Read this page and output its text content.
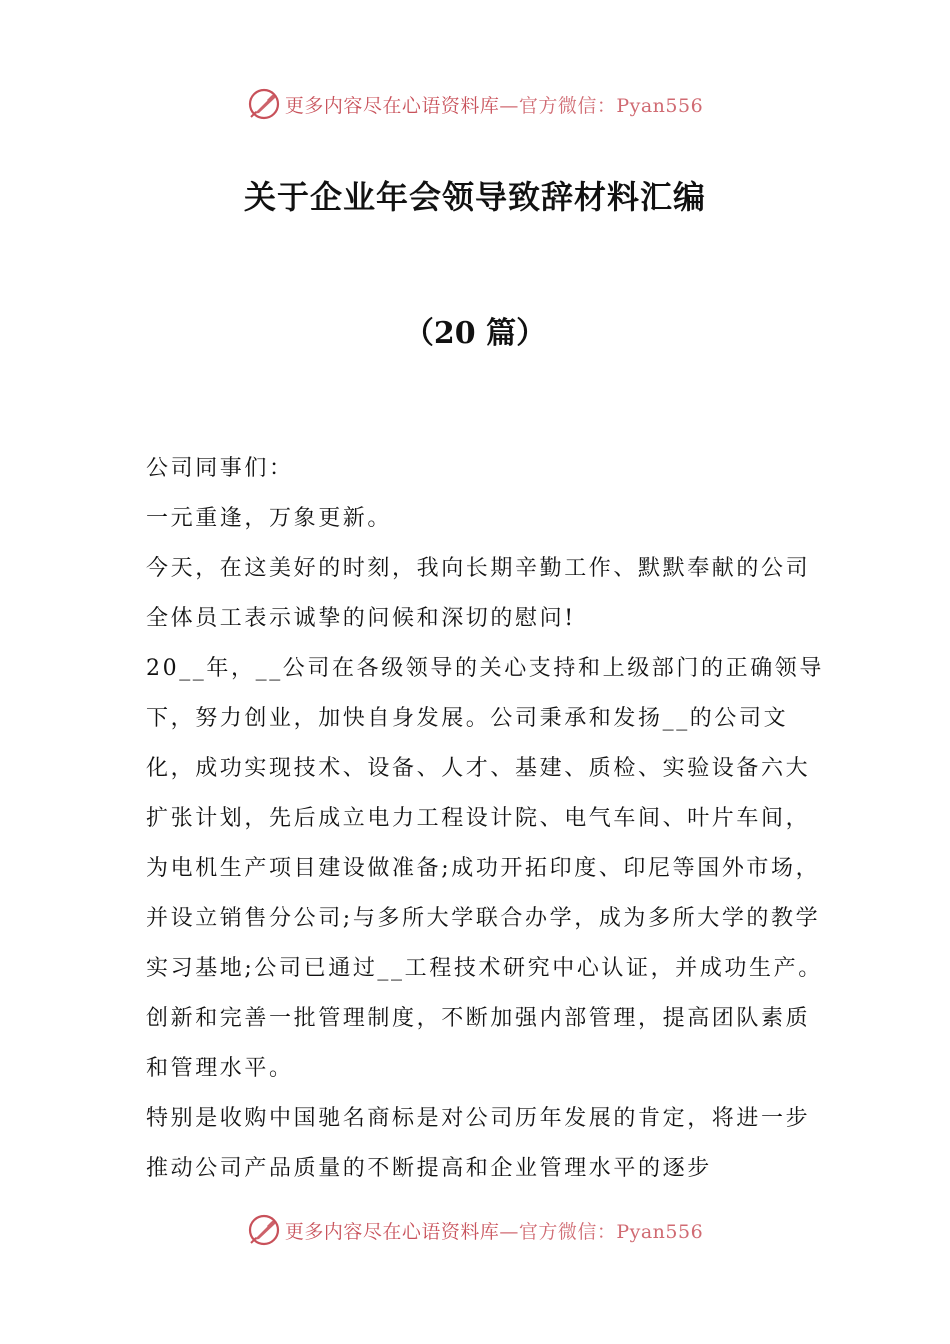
更多内容尽在心语资料库—官方微信：Pyan556
关于企业年会领导致辞材料汇编
（20 篇）

公司同事们：

一元重逢，万象更新。

今天，在这美好的时刻，我向长期辛勤工作、默默奉献的公司全体员工表示诚挚的问候和深切的慰问!

20__年，__公司在各级领导的关心支持和上级部门的正确领导下，努力创业，加快自身发展。公司秉承和发扬__的公司文化，成功实现技术、设备、人才、基建、质检、实验设备六大扩张计划，先后成立电力工程设计院、电气车间、叶片车间，为电机生产项目建设做准备;成功开拓印度、印尼等国外市场，并设立销售分公司;与多所大学联合办学，成为多所大学的教学实习基地;公司已通过__工程技术研究中心认证，并成功生产。创新和完善一批管理制度，不断加强内部管理，提高团队素质和管理水平。

特别是收购中国驰名商标是对公司历年发展的肯定，将进一步推动公司产品质量的不断提高和企业管理水平的逐步

更多内容尽在心语资料库—官方微信：Pyan556
